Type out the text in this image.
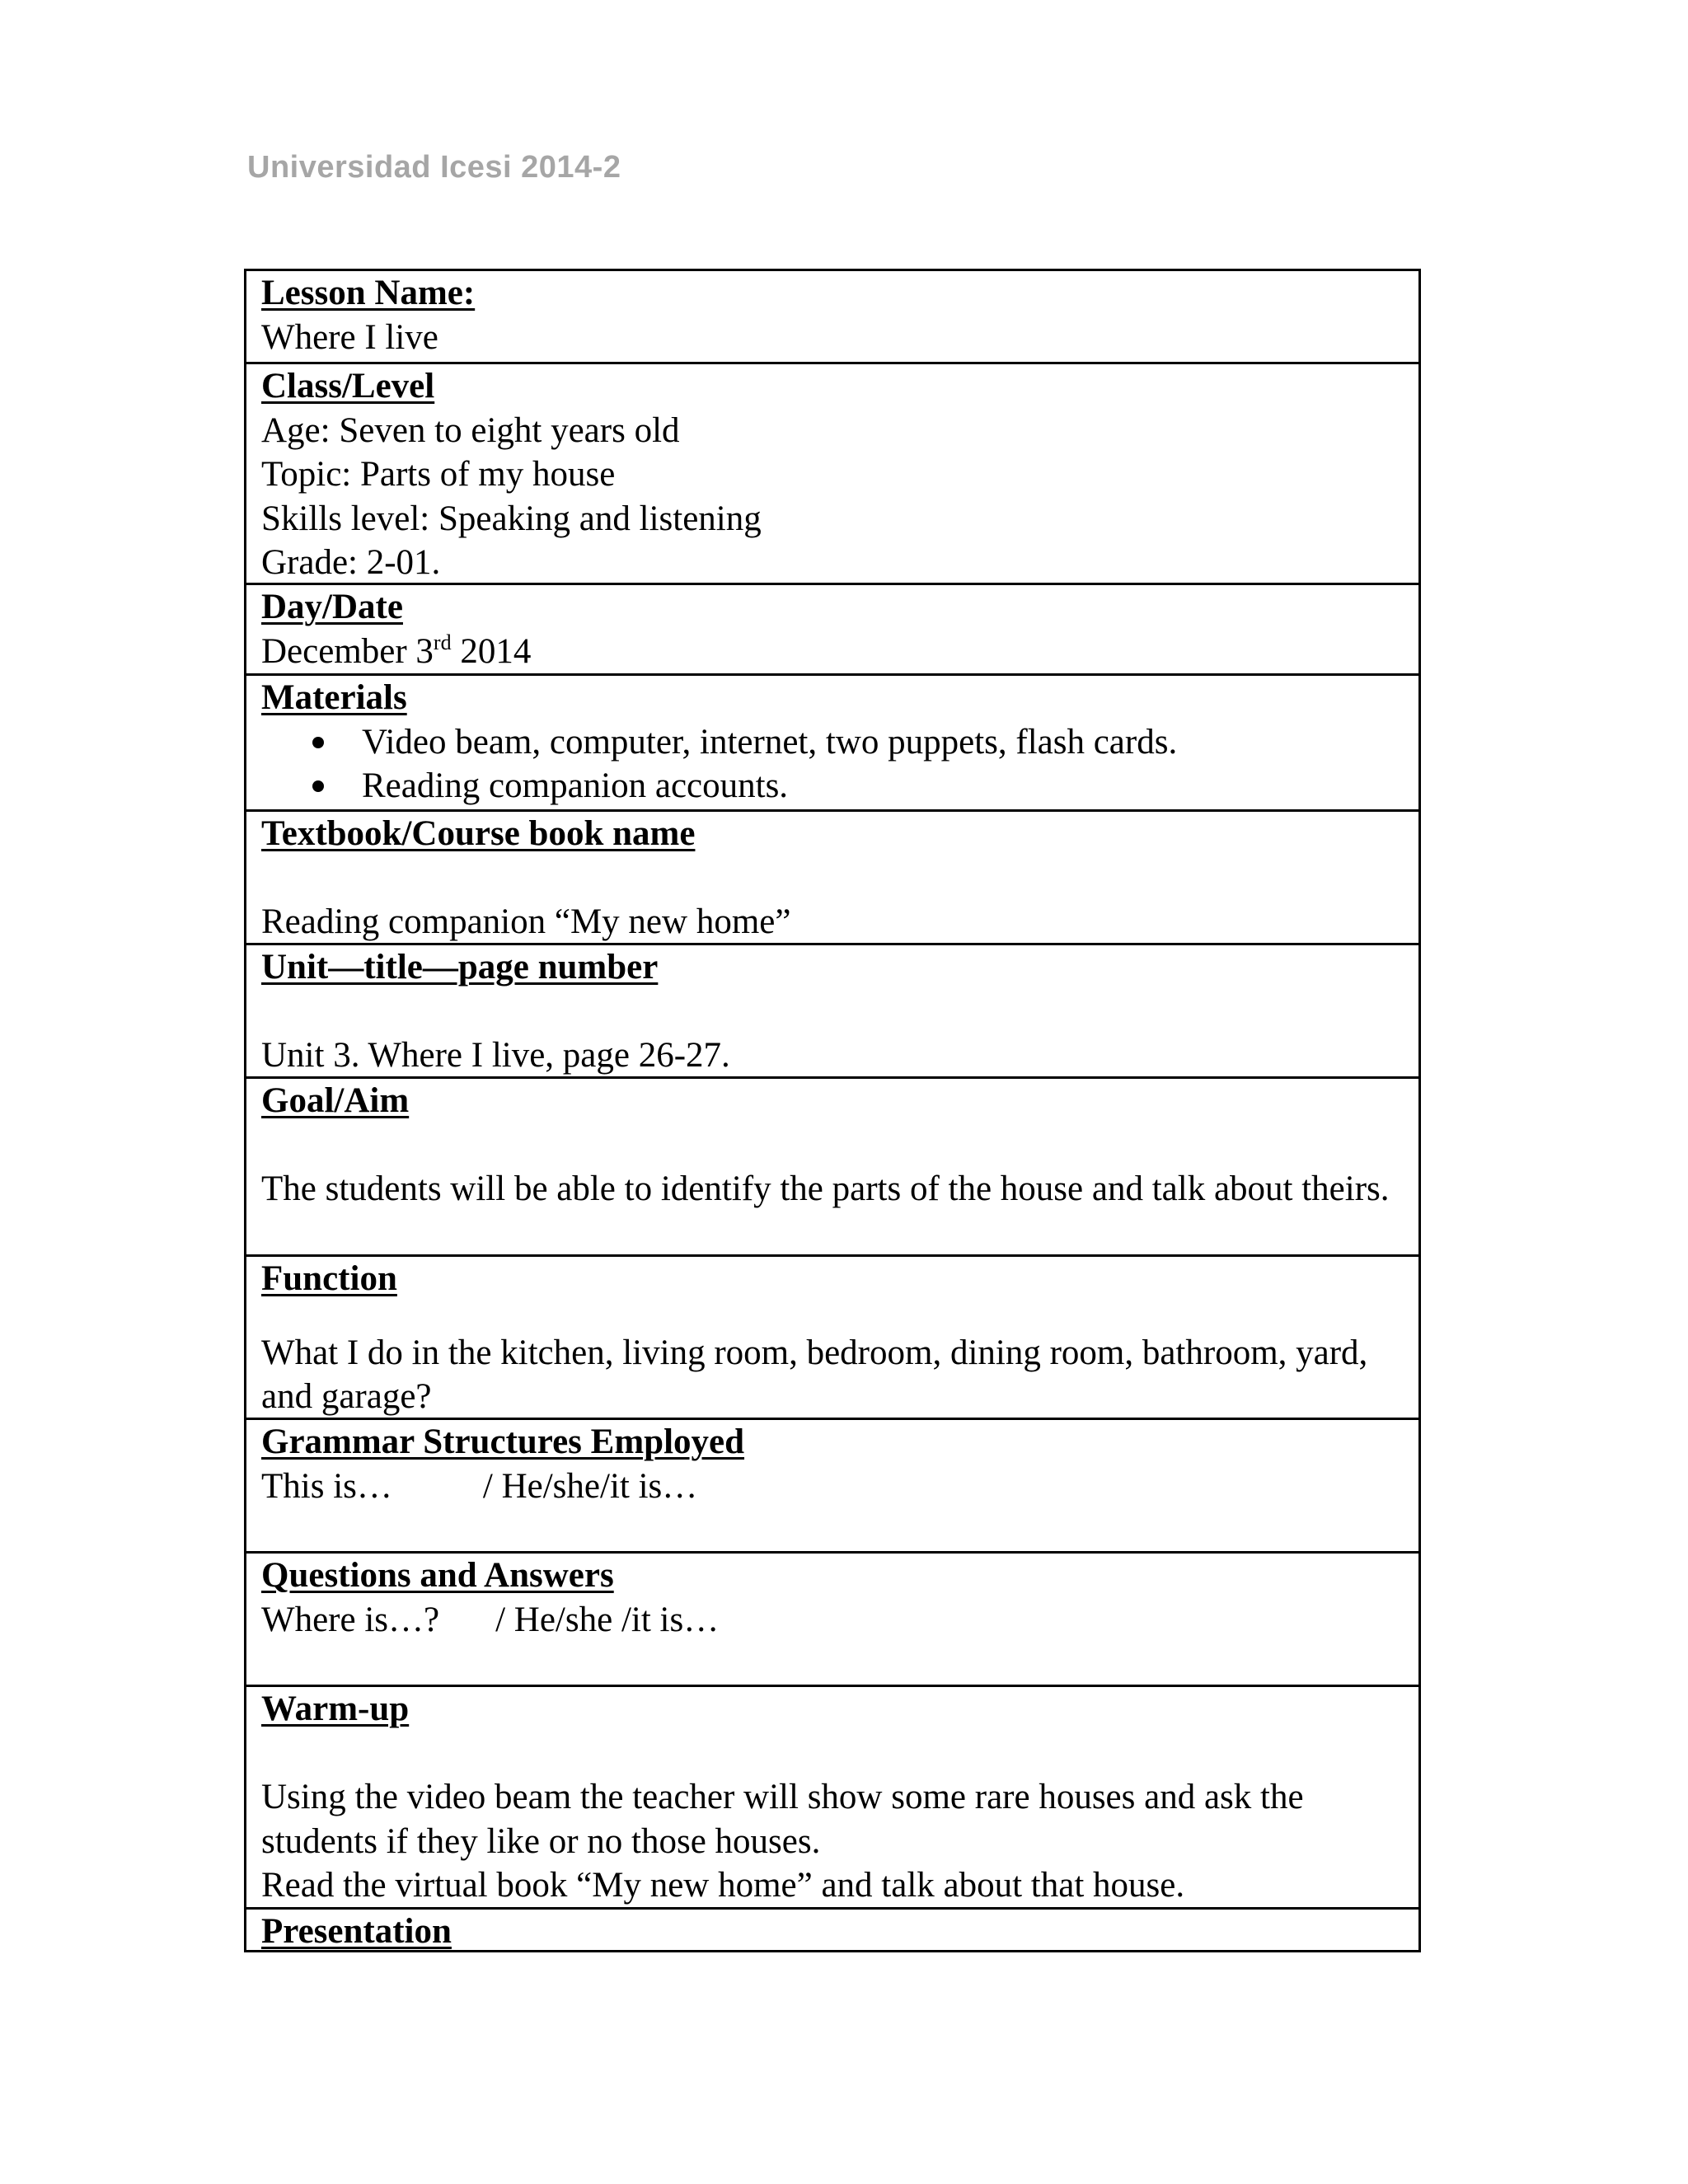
Universidad Icesi 2014-2
Lesson Name:
Where I live
Class/Level
Age: Seven to eight years old
Topic: Parts of my house
Skills level: Speaking and listening
Grade: 2-01.
Day/Date
December 3rd 2014
Materials
Video beam, computer, internet, two puppets, flash cards.
Reading companion accounts.
Textbook/Course book name
Reading companion “My new home”
Unit—title—page number
Unit 3. Where I live, page 26-27.
Goal/Aim
The students will be able to identify the parts of the house and talk about theirs.
Function
What I do in the kitchen, living room, bedroom, dining room, bathroom, yard, and garage?
Grammar Structures Employed
This is…	/ He/she/it is…
Questions and Answers
Where is…? / He/she /it is…
Warm-up
Using the video beam the teacher will show some rare houses and ask the students if they like or no those houses.
Read the virtual book “My new home” and talk about that house.
Presentation
